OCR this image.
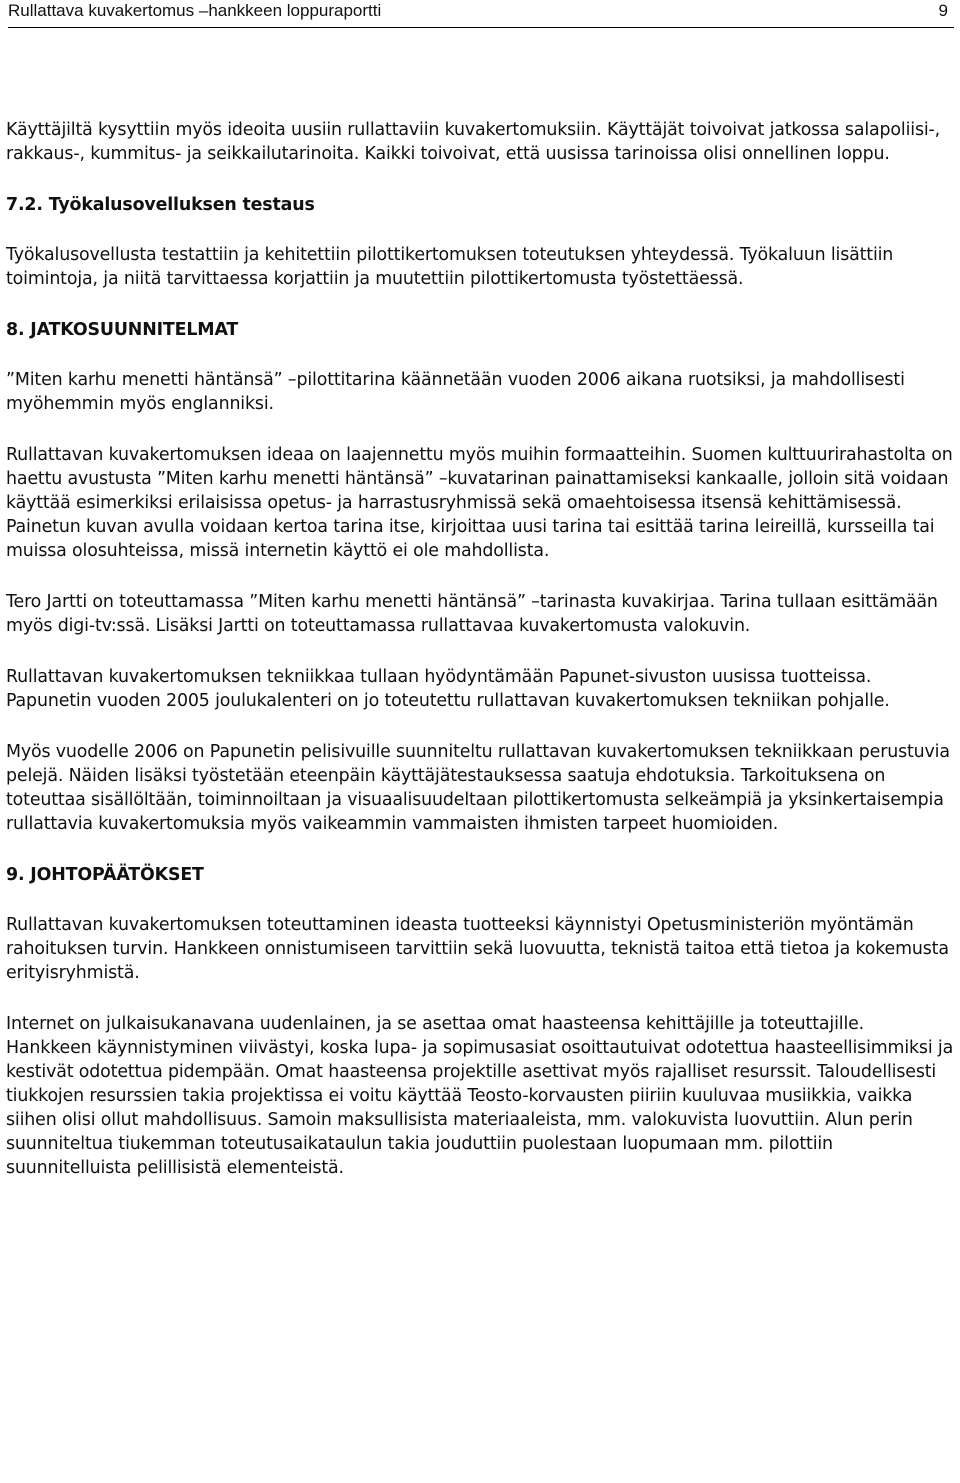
Rullattava kuvakertomus –hankkeen loppuraportti	9

Käyttäjiltä kysyttiin myös ideoita uusiin rullattaviin kuvakertomuksiin. Käyttäjät toivoivat jatkossa salapoliisi-, rakkaus-, kummitus- ja seikkailutarinoita. Kaikki toivoivat, että uusissa tarinoissa olisi onnellinen loppu.

7.2. Työkalusovelluksen testaus

Työkalusovellusta testattiin ja kehitettiin pilottikertomuksen toteutuksen yhteydessä. Työkaluun lisättiin toimintoja, ja niitä tarvittaessa korjattiin ja muutettiin pilottikertomusta työstettäessä.

8. JATKOSUUNNITELMAT

”Miten karhu menetti häntänsä” –pilottitarina käännetään vuoden 2006 aikana ruotsiksi, ja mahdollisesti myöhemmin myös englanniksi.

Rullattavan kuvakertomuksen ideaa on laajennettu myös muihin formaatteihin. Suomen kulttuurirahastolta on haettu avustusta ”Miten karhu menetti häntänsä” –kuvatarinan painattamiseksi kankaalle, jolloin sitä voidaan käyttää esimerkiksi erilaisissa opetus- ja harrastusryhmissä sekä omaehtoisessa itsensä kehittämisessä. Painetun kuvan avulla voidaan kertoa tarina itse, kirjoittaa uusi tarina tai esittää tarina leireillä, kursseilla tai muissa olosuhteissa, missä internetin käyttö ei ole mahdollista.

Tero Jartti on toteuttamassa ”Miten karhu menetti häntänsä” –tarinasta kuvakirjaa. Tarina tullaan esittämään myös digi-tv:ssä. Lisäksi Jartti on toteuttamassa rullattavaa kuvakertomusta valokuvin.

Rullattavan kuvakertomuksen tekniikkaa tullaan hyödyntämään Papunet-sivuston uusissa tuotteissa. Papunetin vuoden 2005 joulukalenteri on jo toteutettu rullattavan kuvakertomuksen tekniikan pohjalle.

Myös vuodelle 2006 on Papunetin pelisivuille suunniteltu rullattavan kuvakertomuksen tekniikkaan perustuvia pelejä. Näiden lisäksi työstetään eteenpäin käyttäjätestauksessa saatuja ehdotuksia. Tarkoituksena on toteuttaa sisällöltään, toiminnoiltaan ja visuaalisuudeltaan pilottikertomusta selkeämpiä ja yksinkertaisempia rullattavia kuvakertomuksia myös vaikeammin vammaisten ihmisten tarpeet huomioiden.

9. JOHTOPÄÄTÖKSET

Rullattavan kuvakertomuksen toteuttaminen ideasta tuotteeksi käynnistyi Opetusministeriön myöntämän rahoituksen turvin. Hankkeen onnistumiseen tarvittiin sekä luovuutta, teknistä taitoa että tietoa ja kokemusta erityisryhmistä.

Internet on julkaisukanavana uudenlainen, ja se asettaa omat haasteensa kehittäjille ja toteuttajille. Hankkeen käynnistyminen viivästyi, koska lupa- ja sopimusasiat osoittautuivat odotettua haasteellisimmiksi ja kestivät odotettua pidempään. Omat haasteensa projektille asettivat myös rajalliset resurssit. Taloudellisesti tiukkojen resurssien takia projektissa ei voitu käyttää Teosto-korvausten piiriin kuuluvaa musiikkia, vaikka siihen olisi ollut mahdollisuus. Samoin maksullisista materiaaleista, mm. valokuvista luovuttiin. Alun perin suunniteltua tiukemman toteutusaikataulun takia jouduttiin puolestaan luopumaan mm. pilottiin suunnitelluista pelillisistä elementeistä.
